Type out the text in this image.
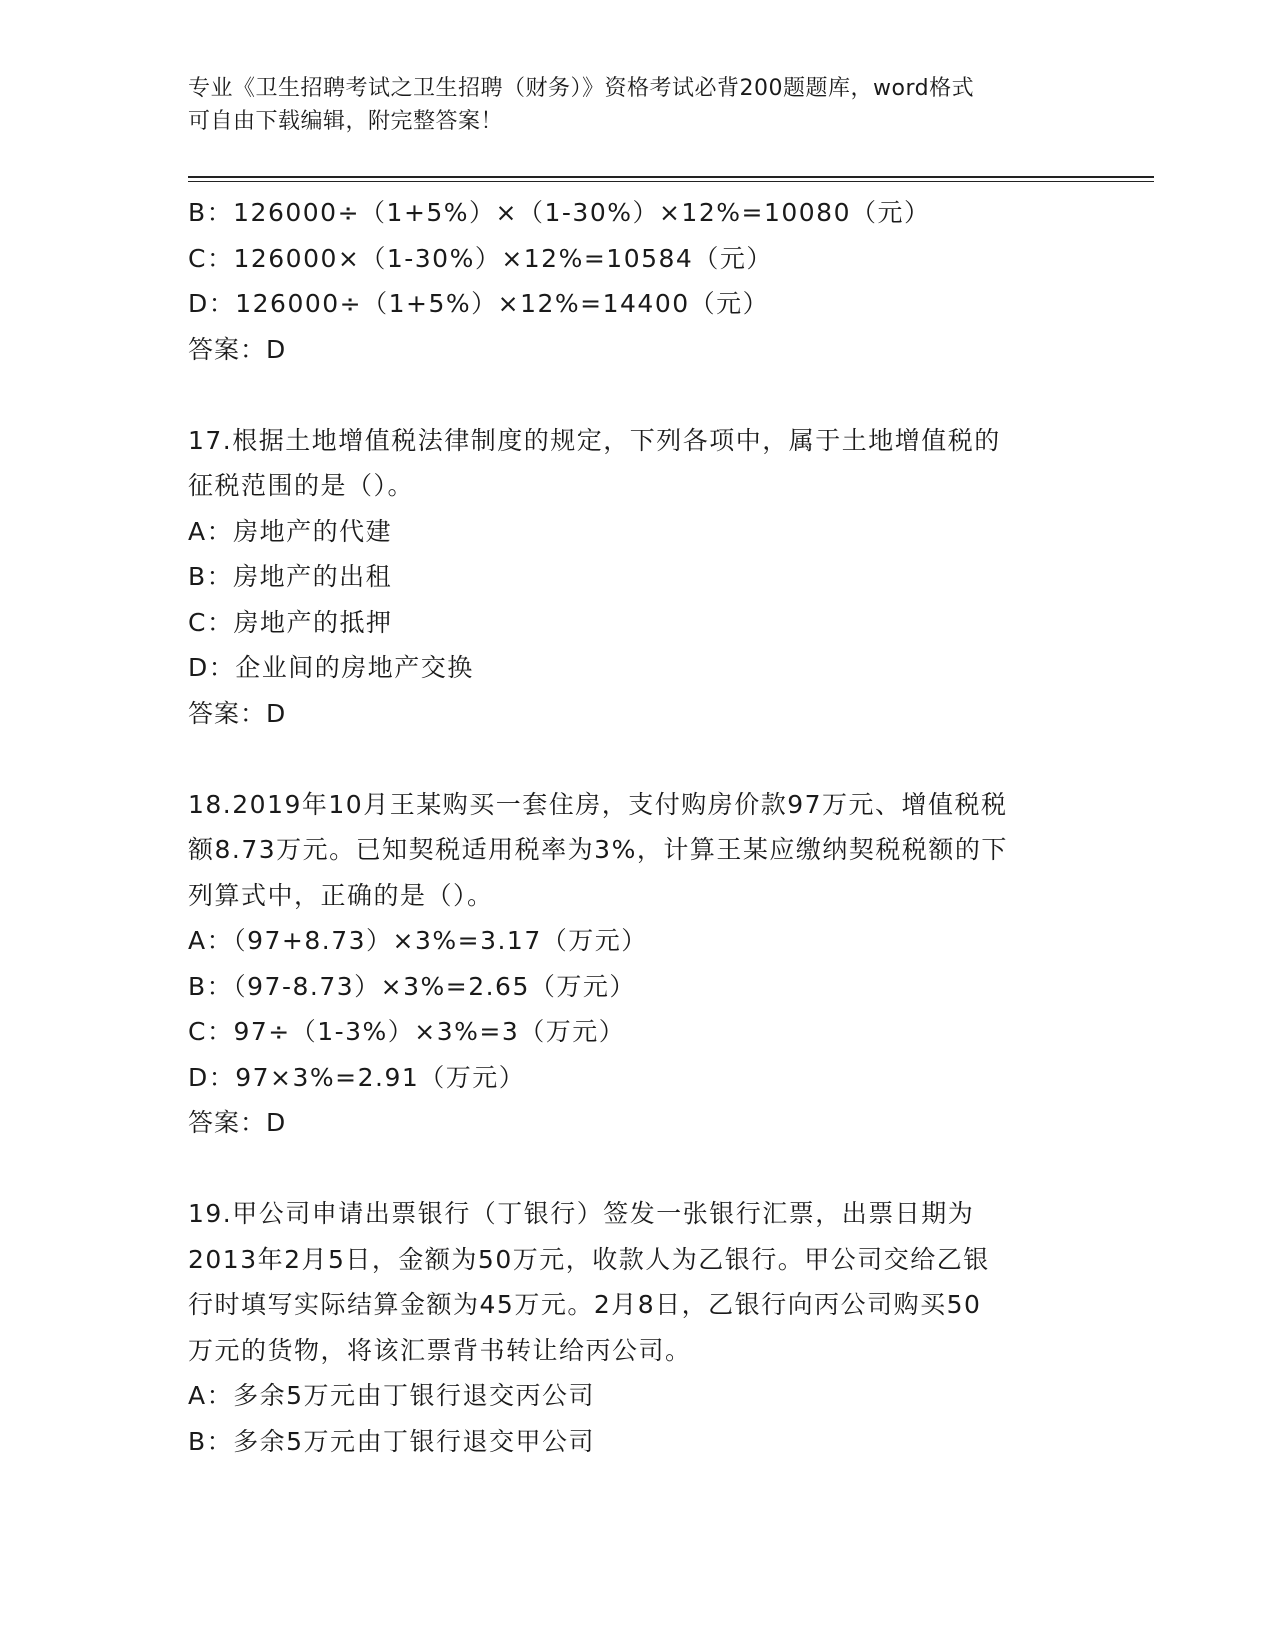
专业《卫生招聘考试之卫生招聘（财务）》资格考试必背200题题库，word格式
可自由下载编辑，附完整答案！
B：126000÷（1+5%）×（1-30%）×12%=10080（元）
C：126000×（1-30%）×12%=10584（元）
D：126000÷（1+5%）×12%=14400（元）
答案：D
17.根据土地增值税法律制度的规定，下列各项中，属于土地增值税的
征税范围的是（）。
A：房地产的代建
B：房地产的出租
C：房地产的抵押
D：企业间的房地产交换
答案：D
18.2019年10月王某购买一套住房，支付购房价款97万元、增值税税
额8.73万元。已知契税适用税率为3%，计算王某应缴纳契税税额的下
列算式中，正确的是（）。
A：（97+8.73）×3%=3.17（万元）
B：（97-8.73）×3%=2.65（万元）
C：97÷（1-3%）×3%=3（万元）
D：97×3%=2.91（万元）
答案：D
19.甲公司申请出票银行（丁银行）签发一张银行汇票，出票日期为
2013年2月5日，金额为50万元，收款人为乙银行。甲公司交给乙银
行时填写实际结算金额为45万元。2月8日，乙银行向丙公司购买50
万元的货物，将该汇票背书转让给丙公司。
A：多余5万元由丁银行退交丙公司
B：多余5万元由丁银行退交甲公司
